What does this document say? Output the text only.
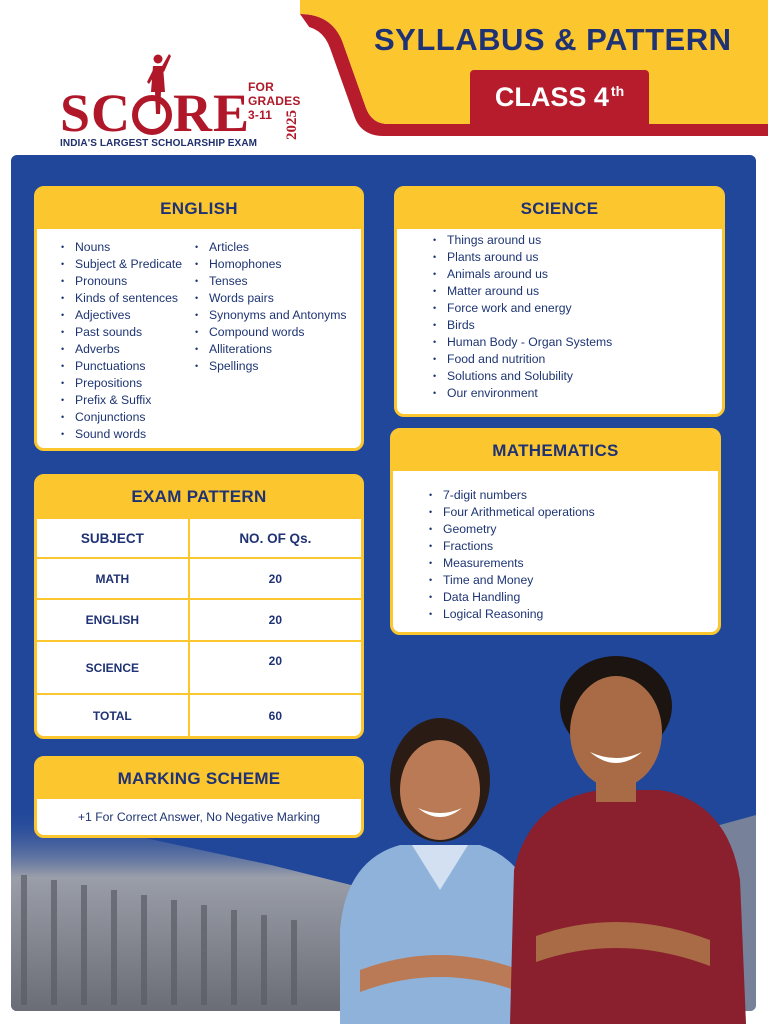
FOR GRADES 3-11
SC RE 2025
INDIA'S LARGEST SCHOLARSHIP EXAM
SYLLABUS & PATTERN
CLASS 4th
ENGLISH
• Nouns
• Subject & Predicate
• Pronouns
• Kinds of sentences
• Adjectives
• Past sounds
• Adverbs
• Punctuations
• Prepositions
• Prefix & Suffix
• Conjunctions
• Sound words
• Articles
• Homophones
• Tenses
• Words pairs
• Synonyms and Antonyms
• Compound words
• Alliterations
• Spellings
SCIENCE
• Things around us
• Plants around us
• Animals around us
• Matter around us
• Force work and energy
• Birds
• Human Body - Organ Systems
• Food and nutrition
• Solutions and Solubility
• Our environment
MATHEMATICS
• 7-digit numbers
• Four Arithmetical operations
• Geometry
• Fractions
• Measurements
• Time and Money
• Data Handling
• Logical Reasoning
EXAM PATTERN
SUBJECT	NO. OF Qs.
MATH	20
ENGLISH	20
SCIENCE	20
TOTAL	60
MARKING SCHEME
+1 For Correct Answer, No Negative Marking
